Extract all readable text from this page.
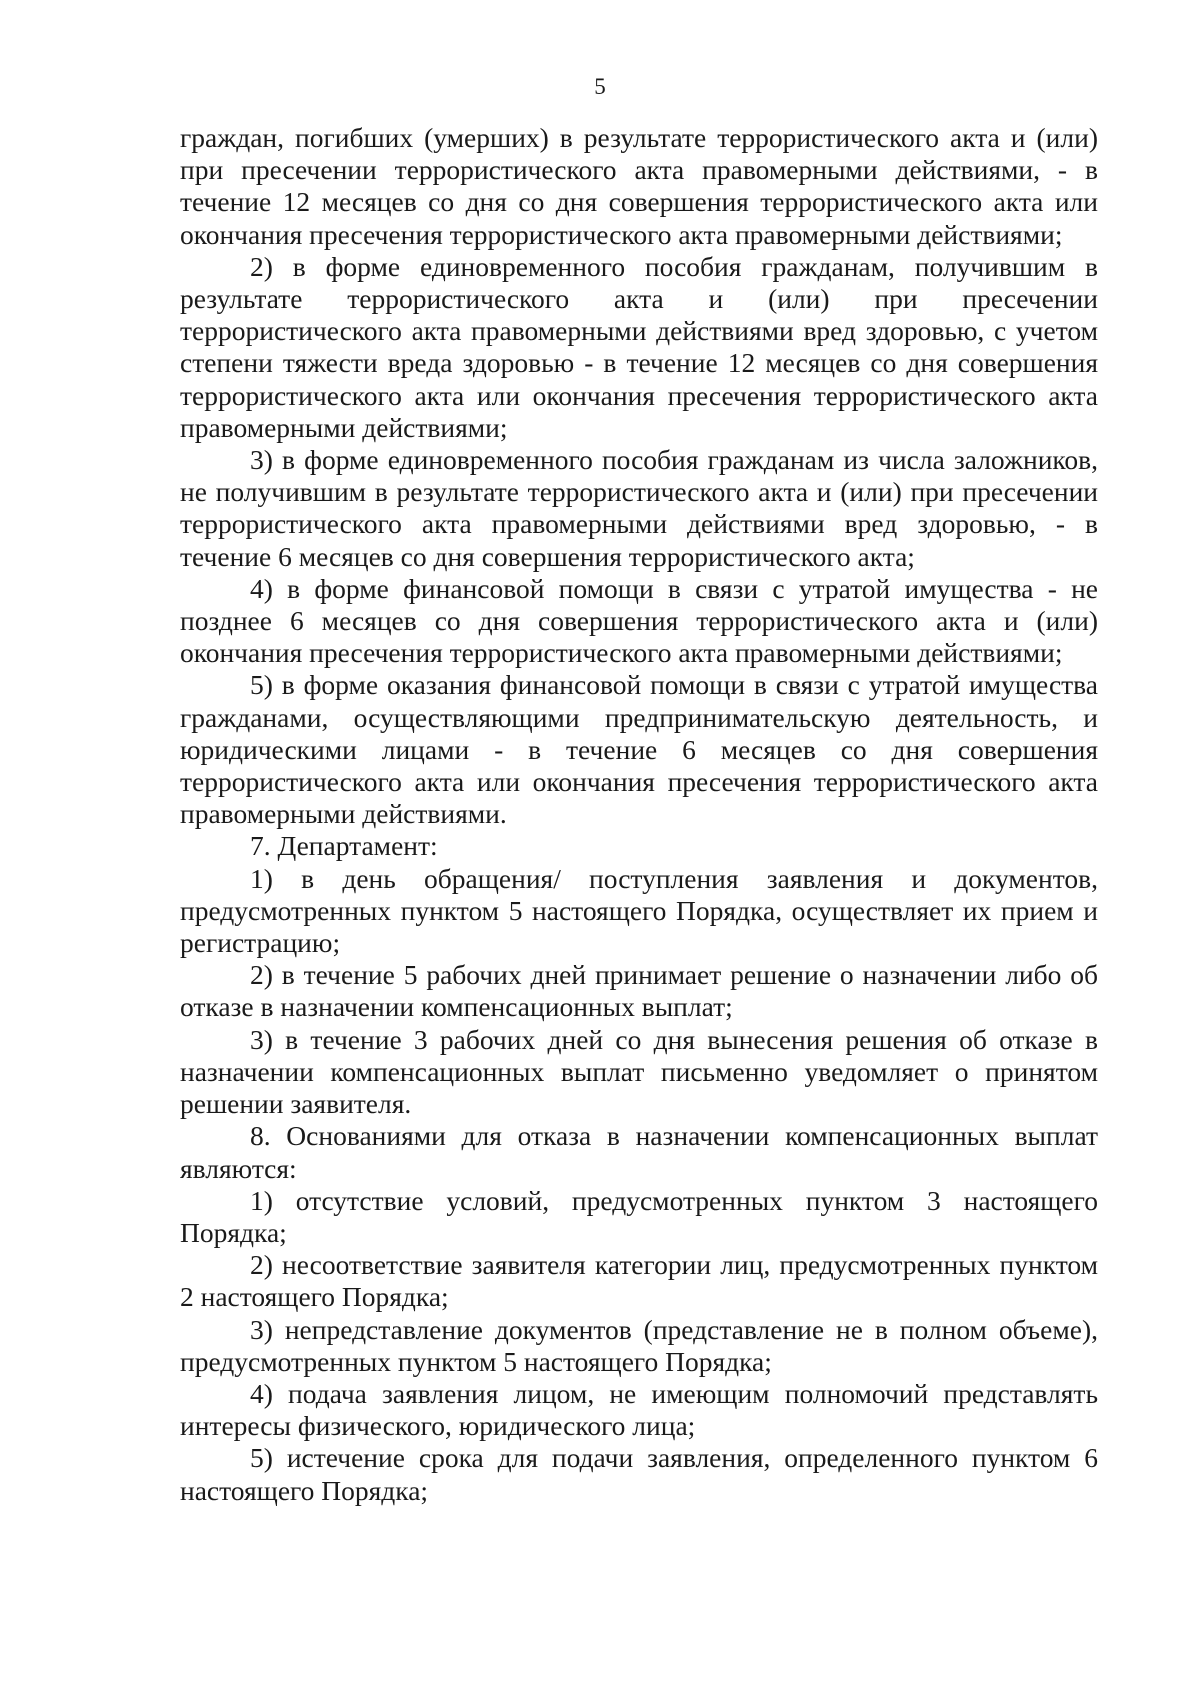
5

граждан, погибших (умерших) в результате террористического акта и (или) при пресечении террористического акта правомерными действиями, - в течение 12 месяцев со дня со дня совершения террористического акта или окончания пресечения террористического акта правомерными действиями;

2) в форме единовременного пособия гражданам, получившим в результате террористического акта и (или) при пресечении террористического акта правомерными действиями вред здоровью, с учетом степени тяжести вреда здоровью - в течение 12 месяцев со дня совершения террористического акта или окончания пресечения террористического акта правомерными действиями;

3) в форме единовременного пособия гражданам из числа заложников, не получившим в результате террористического акта и (или) при пресечении террористического акта правомерными действиями вред здоровью, - в течение 6 месяцев со дня совершения террористического акта;

4) в форме финансовой помощи в связи с утратой имущества - не позднее 6 месяцев со дня совершения террористического акта и (или) окончания пресечения террористического акта правомерными действиями;

5) в форме оказания финансовой помощи в связи с утратой имущества гражданами, осуществляющими предпринимательскую деятельность, и юридическими лицами - в течение 6 месяцев со дня совершения террористического акта или окончания пресечения террористического акта правомерными действиями.

7. Департамент:

1) в день обращения/ поступления заявления и документов, предусмотренных пунктом 5 настоящего Порядка, осуществляет их прием и регистрацию;

2) в течение 5 рабочих дней принимает решение о назначении либо об отказе в назначении компенсационных выплат;

3) в течение 3 рабочих дней со дня вынесения решения об отказе в назначении компенсационных выплат письменно уведомляет о принятом решении заявителя.

8. Основаниями для отказа в назначении компенсационных выплат являются:

1) отсутствие условий, предусмотренных пунктом 3 настоящего Порядка;

2) несоответствие заявителя категории лиц, предусмотренных пунктом 2 настоящего Порядка;

3) непредставление документов (представление не в полном объеме), предусмотренных пунктом 5 настоящего Порядка;

4) подача заявления лицом, не имеющим полномочий представлять интересы физического, юридического лица;

5) истечение срока для подачи заявления, определенного пунктом 6 настоящего Порядка;
